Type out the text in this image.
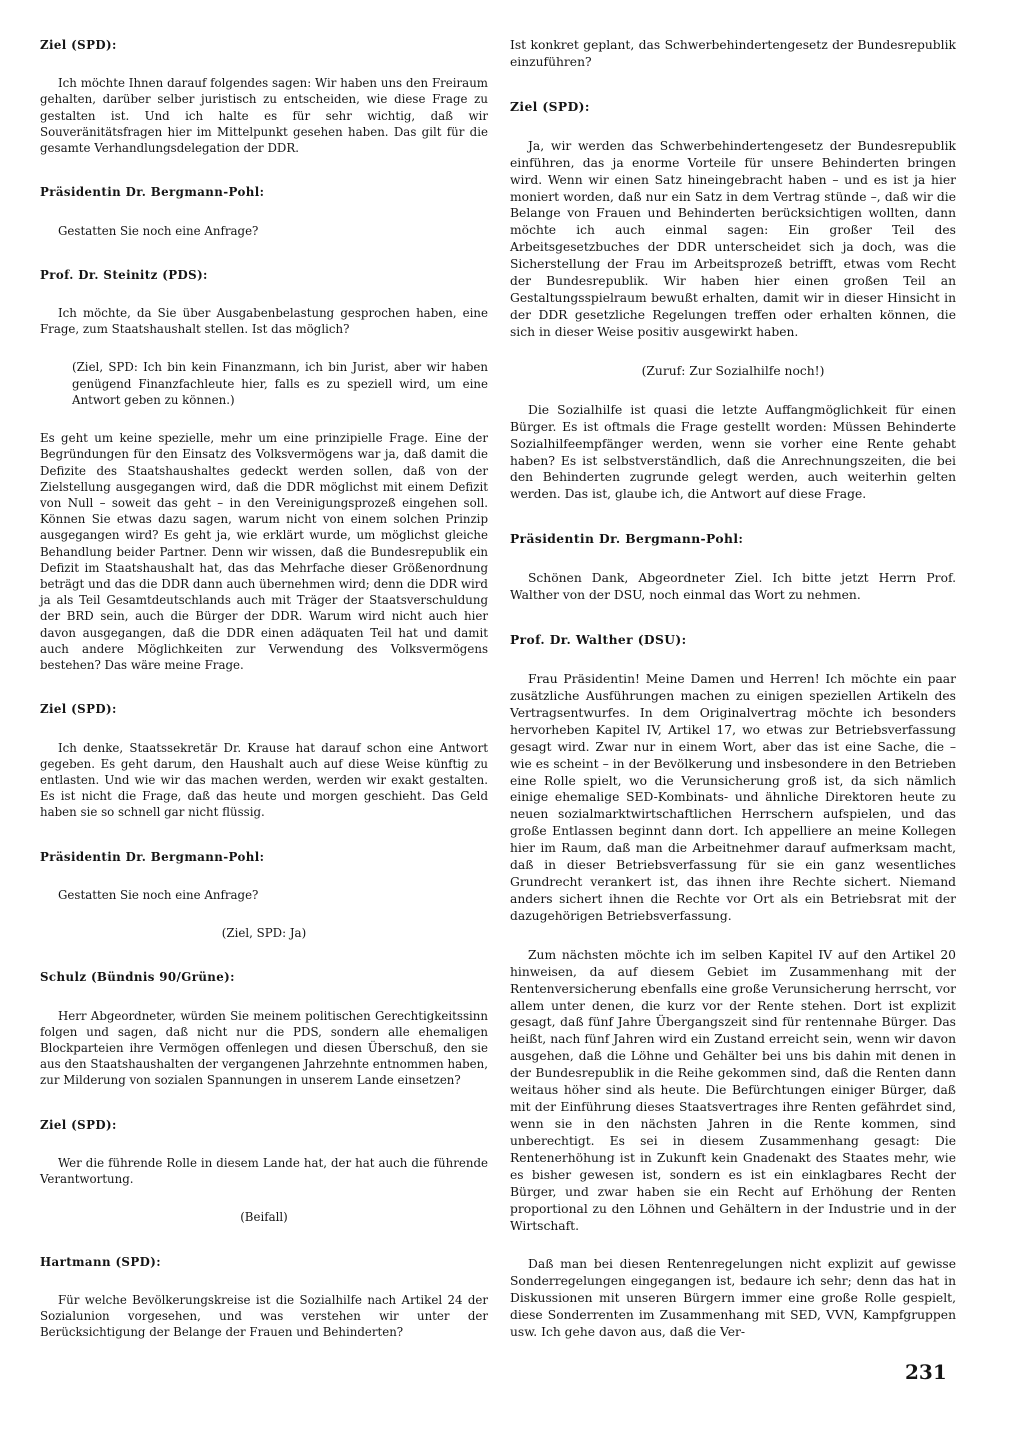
Ziel (SPD):

Ich möchte Ihnen darauf folgendes sagen: Wir haben uns den Freiraum gehalten, darüber selber juristisch zu entscheiden, wie diese Frage zu gestalten ist. Und ich halte es für sehr wichtig, daß wir Souveränitätsfragen hier im Mittelpunkt gesehen haben. Das gilt für die gesamte Verhandlungsdelegation der DDR.

Präsidentin Dr. Bergmann-Pohl:

Gestatten Sie noch eine Anfrage?

Prof. Dr. Steinitz (PDS):

Ich möchte, da Sie über Ausgabenbelastung gesprochen haben, eine Frage, zum Staatshaushalt stellen. Ist das möglich?

(Ziel, SPD: Ich bin kein Finanzmann, ich bin Jurist, aber wir haben genügend Finanzfachleute hier, falls es zu speziell wird, um eine Antwort geben zu können.)

Es geht um keine spezielle, mehr um eine prinzipielle Frage. Eine der Begründungen für den Einsatz des Volksvermögens war ja, daß damit die Defizite des Staatshaushaltes gedeckt werden sollen, daß von der Zielstellung ausgegangen wird, daß die DDR möglichst mit einem Defizit von Null – soweit das geht – in den Vereinigungsprozeß eingehen soll. Können Sie etwas dazu sagen, warum nicht von einem solchen Prinzip ausgegangen wird? Es geht ja, wie erklärt wurde, um möglichst gleiche Behandlung beider Partner. Denn wir wissen, daß die Bundesrepublik ein Defizit im Staatshaushalt hat, das das Mehrfache dieser Größenordnung beträgt und das die DDR dann auch übernehmen wird; denn die DDR wird ja als Teil Gesamtdeutschlands auch mit Träger der Staatsverschuldung der BRD sein, auch die Bürger der DDR. Warum wird nicht auch hier davon ausgegangen, daß die DDR einen adäquaten Teil hat und damit auch andere Möglichkeiten zur Verwendung des Volksvermögens bestehen? Das wäre meine Frage.

Ziel (SPD):

Ich denke, Staatssekretär Dr. Krause hat darauf schon eine Antwort gegeben. Es geht darum, den Haushalt auch auf diese Weise künftig zu entlasten. Und wie wir das machen werden, werden wir exakt gestalten. Es ist nicht die Frage, daß das heute und morgen geschieht. Das Geld haben sie so schnell gar nicht flüssig.

Präsidentin Dr. Bergmann-Pohl:

Gestatten Sie noch eine Anfrage?

(Ziel, SPD: Ja)

Schulz (Bündnis 90/Grüne):

Herr Abgeordneter, würden Sie meinem politischen Gerechtigkeitssinn folgen und sagen, daß nicht nur die PDS, sondern alle ehemaligen Blockparteien ihre Vermögen offenlegen und diesen Überschuß, den sie aus den Staatshaushalten der vergangenen Jahrzehnte entnommen haben, zur Milderung von sozialen Spannungen in unserem Lande einsetzen?

Ziel (SPD):

Wer die führende Rolle in diesem Lande hat, der hat auch die führende Verantwortung.

(Beifall)

Hartmann (SPD):

Für welche Bevölkerungskreise ist die Sozialhilfe nach Artikel 24 der Sozialunion vorgesehen, und was verstehen wir unter der Berücksichtigung der Belange der Frauen und Behinderten?

Ist konkret geplant, das Schwerbehindertengesetz der Bundesrepublik einzuführen?

Ziel (SPD):

Ja, wir werden das Schwerbehindertengesetz der Bundesrepublik einführen, das ja enorme Vorteile für unsere Behinderten bringen wird. Wenn wir einen Satz hineingebracht haben – und es ist ja hier moniert worden, daß nur ein Satz in dem Vertrag stünde –, daß wir die Belange von Frauen und Behinderten berücksichtigen wollten, dann möchte ich auch einmal sagen: Ein großer Teil des Arbeitsgesetzbuches der DDR unterscheidet sich ja doch, was die Sicherstellung der Frau im Arbeitsprozeß betrifft, etwas vom Recht der Bundesrepublik. Wir haben hier einen großen Teil an Gestaltungsspielraum bewußt erhalten, damit wir in dieser Hinsicht in der DDR gesetzliche Regelungen treffen oder erhalten können, die sich in dieser Weise positiv ausgewirkt haben.

(Zuruf: Zur Sozialhilfe noch!)

Die Sozialhilfe ist quasi die letzte Auffangmöglichkeit für einen Bürger. Es ist oftmals die Frage gestellt worden: Müssen Behinderte Sozialhilfeempfänger werden, wenn sie vorher eine Rente gehabt haben? Es ist selbstverständlich, daß die Anrechnungszeiten, die bei den Behinderten zugrunde gelegt werden, auch weiterhin gelten werden. Das ist, glaube ich, die Antwort auf diese Frage.

Präsidentin Dr. Bergmann-Pohl:

Schönen Dank, Abgeordneter Ziel. Ich bitte jetzt Herrn Prof. Walther von der DSU, noch einmal das Wort zu nehmen.

Prof. Dr. Walther (DSU):

Frau Präsidentin! Meine Damen und Herren! Ich möchte ein paar zusätzliche Ausführungen machen zu einigen speziellen Artikeln des Vertragsentwurfes. In dem Originalvertrag möchte ich besonders hervorheben Kapitel IV, Artikel 17, wo etwas zur Betriebsverfassung gesagt wird. Zwar nur in einem Wort, aber das ist eine Sache, die – wie es scheint – in der Bevölkerung und insbesondere in den Betrieben eine Rolle spielt, wo die Verunsicherung groß ist, da sich nämlich einige ehemalige SED-Kombinats- und ähnliche Direktoren heute zu neuen sozialmarktwirtschaftlichen Herrschern aufspielen, und das große Entlassen beginnt dann dort. Ich appelliere an meine Kollegen hier im Raum, daß man die Arbeitnehmer darauf aufmerksam macht, daß in dieser Betriebsverfassung für sie ein ganz wesentliches Grundrecht verankert ist, das ihnen ihre Rechte sichert. Niemand anders sichert ihnen die Rechte vor Ort als ein Betriebsrat mit der dazugehörigen Betriebsverfassung.

Zum nächsten möchte ich im selben Kapitel IV auf den Artikel 20 hinweisen, da auf diesem Gebiet im Zusammenhang mit der Rentenversicherung ebenfalls eine große Verunsicherung herrscht, vor allem unter denen, die kurz vor der Rente stehen. Dort ist explizit gesagt, daß fünf Jahre Übergangszeit sind für rentennahe Bürger. Das heißt, nach fünf Jahren wird ein Zustand erreicht sein, wenn wir davon ausgehen, daß die Löhne und Gehälter bei uns bis dahin mit denen in der Bundesrepublik in die Reihe gekommen sind, daß die Renten dann weitaus höher sind als heute. Die Befürchtungen einiger Bürger, daß mit der Einführung dieses Staatsvertrages ihre Renten gefährdet sind, wenn sie in den nächsten Jahren in die Rente kommen, sind unberechtigt. Es sei in diesem Zusammenhang gesagt: Die Rentenerhöhung ist in Zukunft kein Gnadenakt des Staates mehr, wie es bisher gewesen ist, sondern es ist ein einklagbares Recht der Bürger, und zwar haben sie ein Recht auf Erhöhung der Renten proportional zu den Löhnen und Gehältern in der Industrie und in der Wirtschaft.

Daß man bei diesen Rentenregelungen nicht explizit auf gewisse Sonderregelungen eingegangen ist, bedaure ich sehr; denn das hat in Diskussionen mit unseren Bürgern immer eine große Rolle gespielt, diese Sonderrenten im Zusammenhang mit SED, VVN, Kampfgruppen usw. Ich gehe davon aus, daß die Ver-

231
